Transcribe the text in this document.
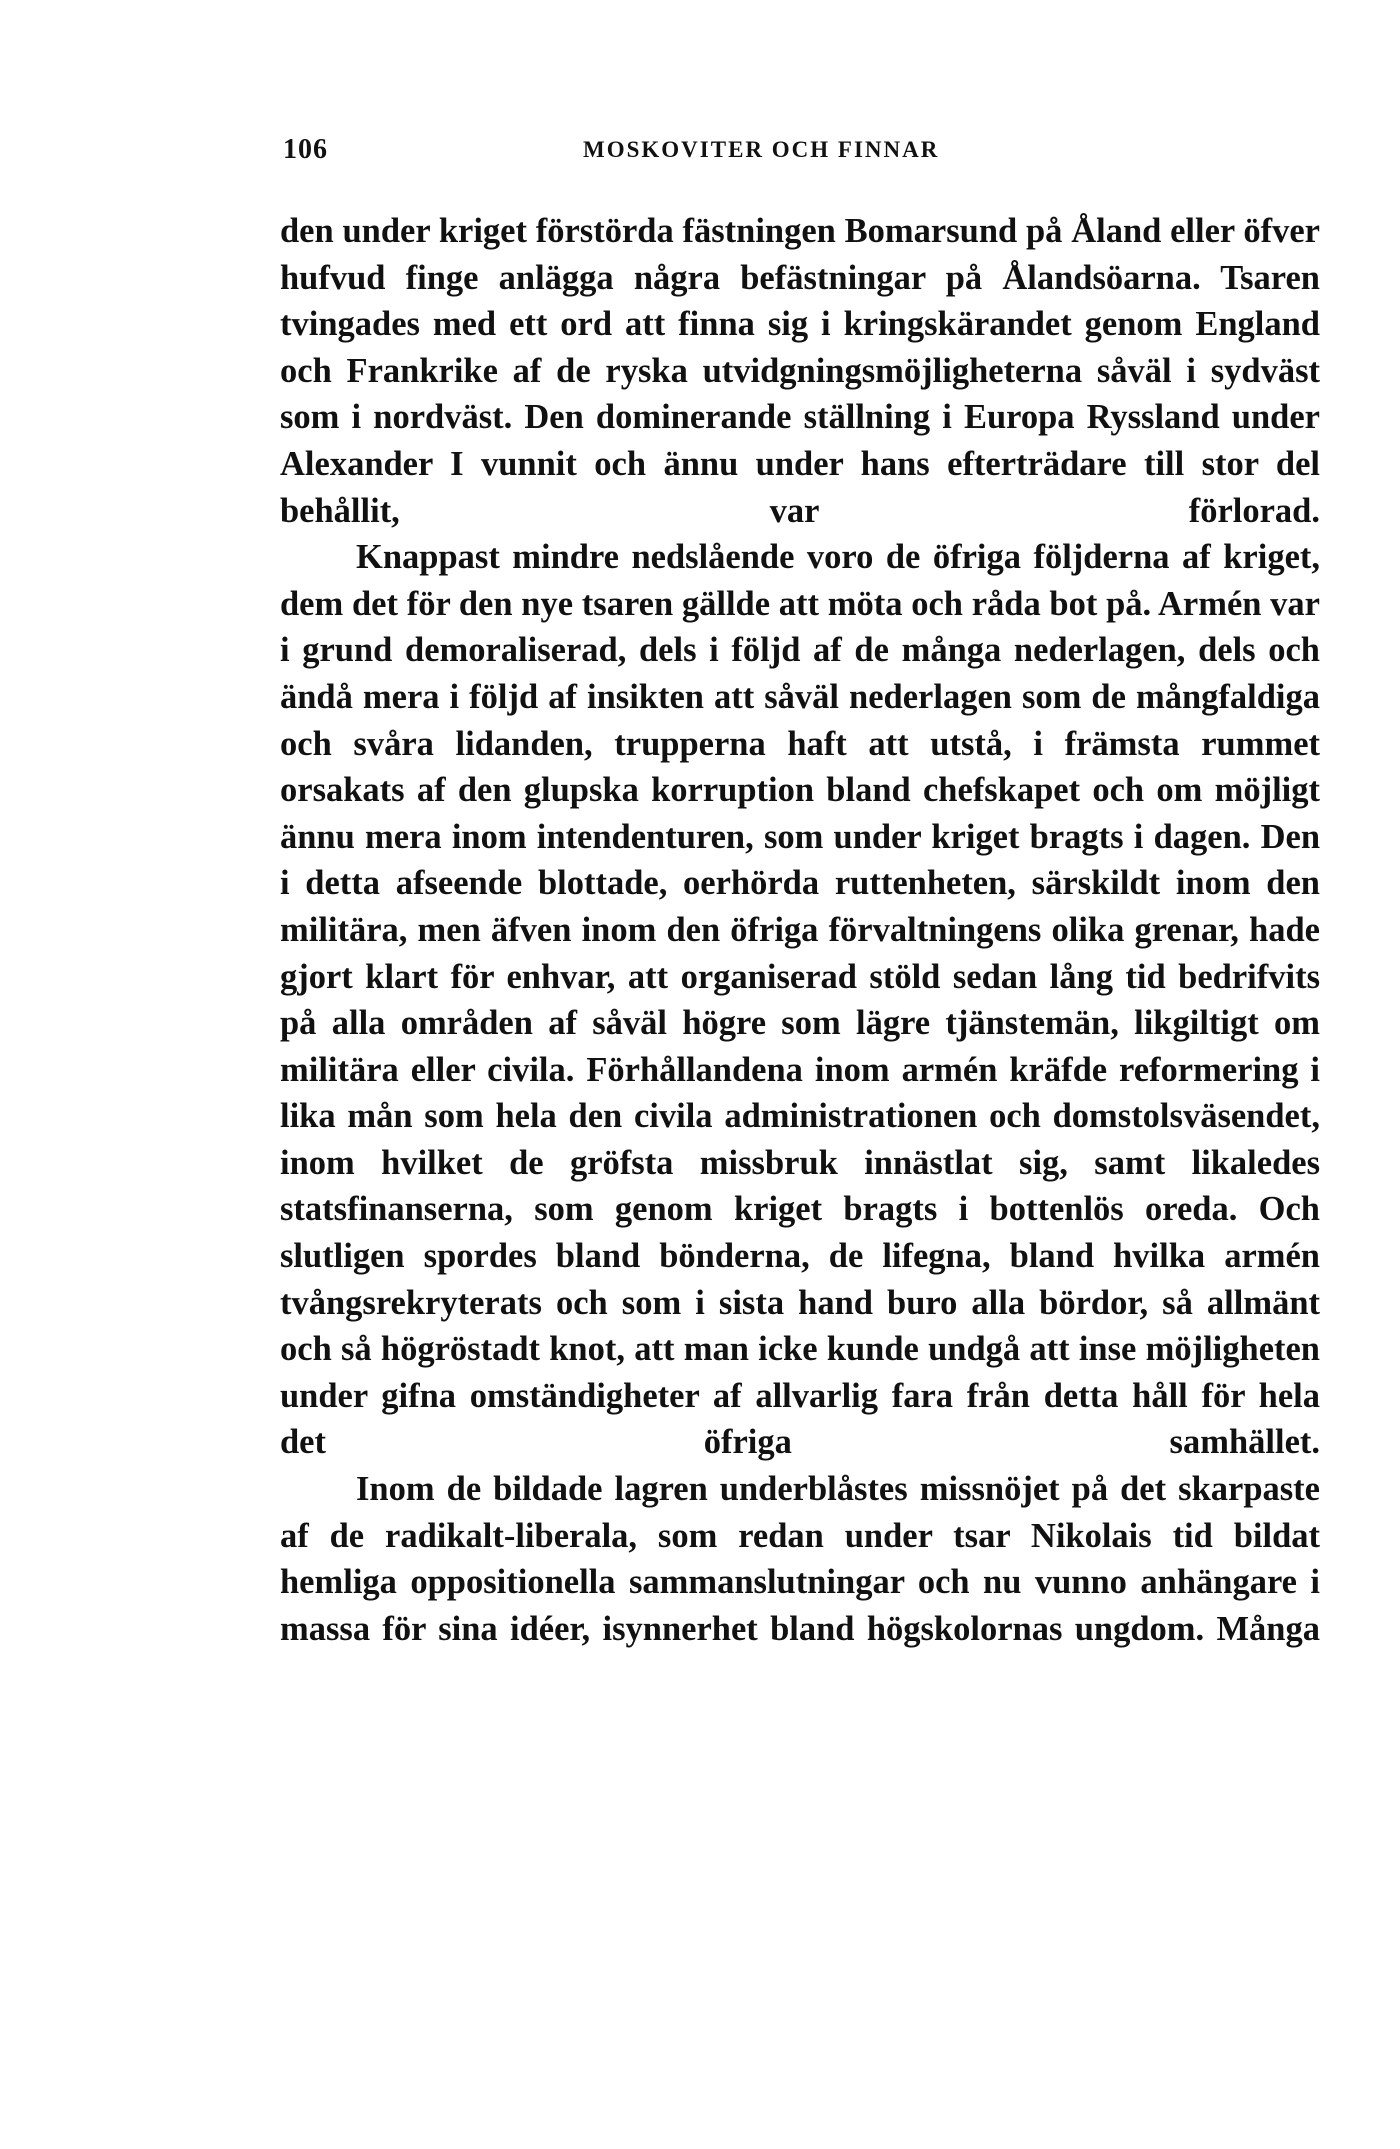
106	MOSKOVITER OCH FINNAR

den under kriget förstörda fästningen Bomarsund på Åland eller öfver hufvud finge anlägga några befästningar på Ålandsöarna. Tsaren tvingades med ett ord att finna sig i kringskärandet genom England och Frankrike af de ryska utvidgningsmöjligheterna såväl i sydväst som i nordväst. Den dominerande ställning i Europa Ryssland under Alexander I vunnit och ännu under hans efterträdare till stor del behållit, var förlorad.

Knappast mindre nedslående voro de öfriga följderna af kriget, dem det för den nye tsaren gällde att möta och råda bot på. Armén var i grund demoraliserad, dels i följd af de många nederlagen, dels och ändå mera i följd af insikten att såväl nederlagen som de mångfaldiga och svåra lidanden, trupperna haft att utstå, i främsta rummet orsakats af den glupska korruption bland chefskapet och om möjligt ännu mera inom intendenturen, som under kriget bragts i dagen. Den i detta afseende blottade, oerhörda ruttenheten, särskildt inom den militära, men äfven inom den öfriga förvaltningens olika grenar, hade gjort klart för enhvar, att organiserad stöld sedan lång tid bedrifvits på alla områden af såväl högre som lägre tjänstemän, likgiltigt om militära eller civila. Förhållandena inom armén kräfde reformering i lika mån som hela den civila administrationen och domstolsväsendet, inom hvilket de gröfsta missbruk innästlat sig, samt likaledes statsfinanserna, som genom kriget bragts i bottenlös oreda. Och slutligen spordes bland bönderna, de lifegna, bland hvilka armén tvångsrekryterats och som i sista hand buro alla bördor, så allmänt och så högröstadt knot, att man icke kunde undgå att inse möjligheten under gifna omständigheter af allvarlig fara från detta håll för hela det öfriga samhället.

Inom de bildade lagren underblåstes missnöjet på det skarpaste af de radikalt-liberala, som redan under tsar Nikolais tid bildat hemliga oppositionella sammanslutningar och nu vunno anhängare i massa för sina idéer, isynnerhet bland högskolornas ungdom. Många
